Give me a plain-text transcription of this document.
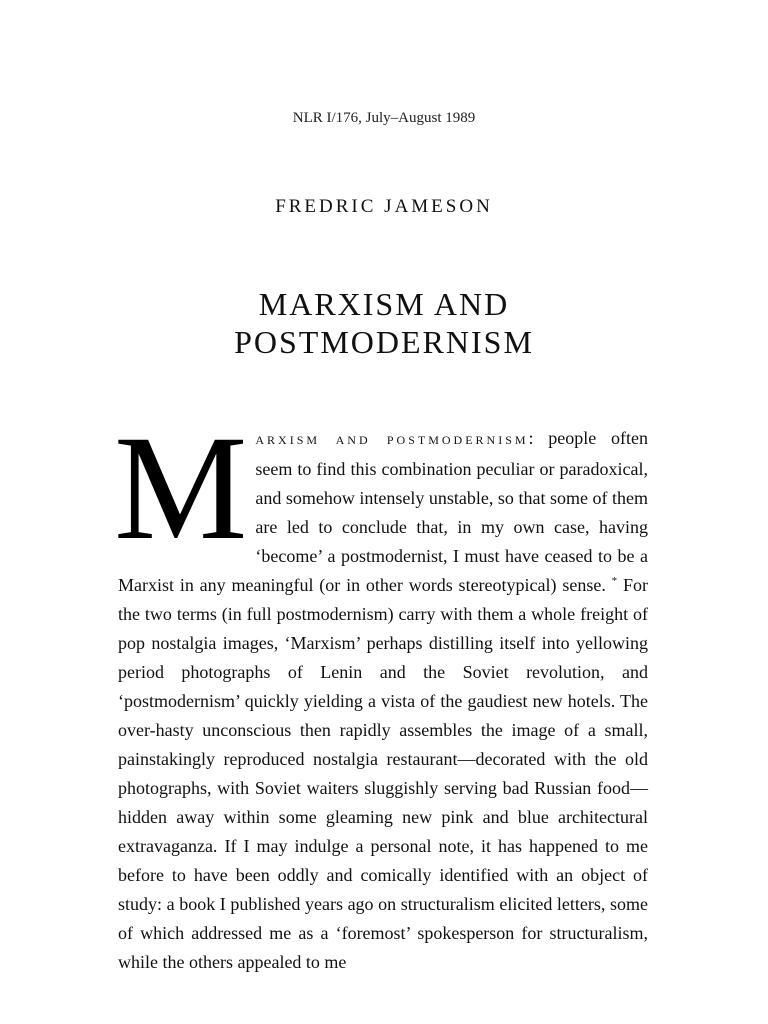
NLR I/176, July–August 1989
FREDRIC JAMESON
MARXISM AND
POSTMODERNISM
M ARXISM AND POSTMODERNISM: people often seem to find this combination peculiar or paradoxical, and somehow intensely unstable, so that some of them are led to conclude that, in my own case, having ‘become’ a postmodernist, I must have ceased to be a Marxist in any meaningful (or in other words stereotypical) sense. * For the two terms (in full postmodernism) carry with them a whole freight of pop nostalgia images, ‘Marxism’ perhaps distilling itself into yellowing period photographs of Lenin and the Soviet revolution, and ‘postmodernism’ quickly yielding a vista of the gaudiest new hotels. The over-hasty unconscious then rapidly assembles the image of a small, painstakingly reproduced nostalgia restaurant—decorated with the old photographs, with Soviet waiters sluggishly serving bad Russian food—hidden away within some gleaming new pink and blue architectural extravaganza. If I may indulge a personal note, it has happened to me before to have been oddly and comically identified with an object of study: a book I published years ago on structuralism elicited letters, some of which addressed me as a ‘foremost’ spokesperson for structuralism, while the others appealed to me
